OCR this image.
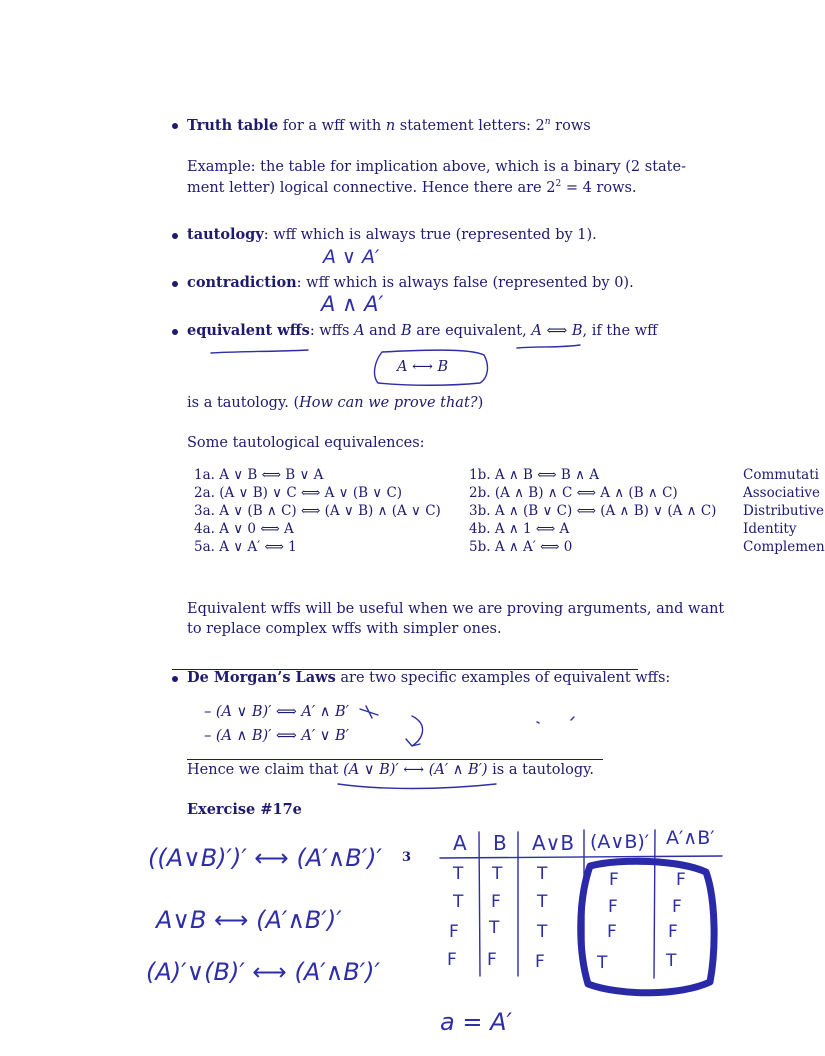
Truth table for a wff with n statement letters: 2$^n$ rows
Example: the table for implication above, which is a binary (2 state-
ment letter) logical connective. Hence there are $2^2 = 4$ rows.
tautology: wff which is always true (represented by 1).
contradiction: wff which is always false (represented by 0).
equivalent wffs: wffs A and B are equivalent, A ⟺ B, if the wff
A ⟷ B
is a tautology. (How can we prove that?)
Some tautological equivalences:
1a. A ∨ B ⟺ B ∨ A	1b. A ∧ B ⟺ B ∧ A	Commutati
2a. (A ∨ B) ∨ C ⟺ A ∨ (B ∨ C)	2b. (A ∧ B) ∧ C ⟺ A ∧ (B ∧ C)	Associative
3a. A ∨ (B ∧ C) ⟺ (A ∨ B) ∧ (A ∨ C) 3b. A ∧ (B ∨ C) ⟺ (A ∧ B) ∨ (A ∧ C) Distributive
4a. A ∨ 0 ⟺ A	4b. A ∧ 1 ⟺ A	Identity
5a. A ∨ A′ ⟺ 1	5b. A ∧ A′ ⟺ 0	Complemen
Equivalent wffs will be useful when we are proving arguments, and want
to replace complex wffs with simpler ones.
De Morgan’s Laws are two specific examples of equivalent wffs:
– (A ∨ B)′ ⟺ A′ ∧ B′
– (A ∧ B)′ ⟺ A′ ∨ B′
Hence we claim that (A ∨ B)′ ⟷ (A′ ∧ B′) is a tautology.
Exercise #17e
3
A ∨ A′
A ∧ A′
((A∨B)′)′ ⟷ (A′∧B′)′
A∨B ⟷ (A′∧B′)′
(A)′∨(B)′ ⟷ (A′∧B′)′
a = A′
A B A∨B (A∨B)′ A′∧B′
T T T	F	F
T F T	F	F
F T T	F	F
F F F	T	T
